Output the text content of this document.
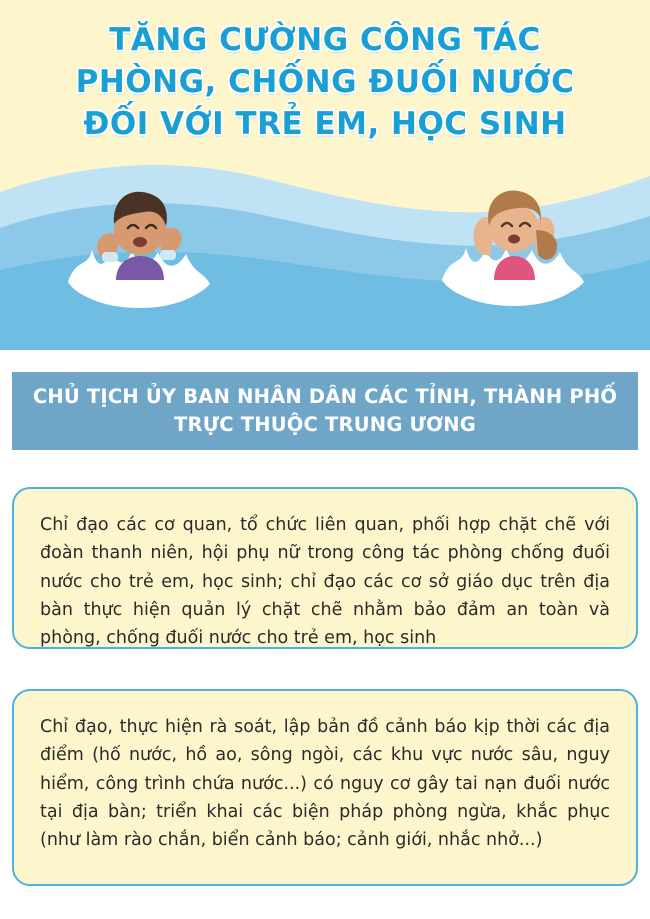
TĂNG CƯỜNG CÔNG TÁC
PHÒNG, CHỐNG ĐUỐI NƯỚC
ĐỐI VỚI TRẺ EM, HỌC SINH
CHỦ TỊCH ỦY BAN NHÂN DÂN CÁC TỈNH, THÀNH PHỐ TRỰC THUỘC TRUNG ƯƠNG
Chỉ đạo các cơ quan, tổ chức liên quan, phối hợp chặt chẽ với đoàn thanh niên, hội phụ nữ trong công tác phòng chống đuối nước cho trẻ em, học sinh; chỉ đạo các cơ sở giáo dục trên địa bàn thực hiện quản lý chặt chẽ nhằm bảo đảm an toàn và phòng, chống đuối nước cho trẻ em, học sinh
Chỉ đạo, thực hiện rà soát, lập bản đồ cảnh báo kịp thời các địa điểm (hố nước, hồ ao, sông ngòi, các khu vực nước sâu, nguy hiểm, công trình chứa nước...) có nguy cơ gây tai nạn đuối nước tại địa bàn; triển khai các biện pháp phòng ngừa, khắc phục (như làm rào chắn, biển cảnh báo; cảnh giới, nhắc nhở...)
